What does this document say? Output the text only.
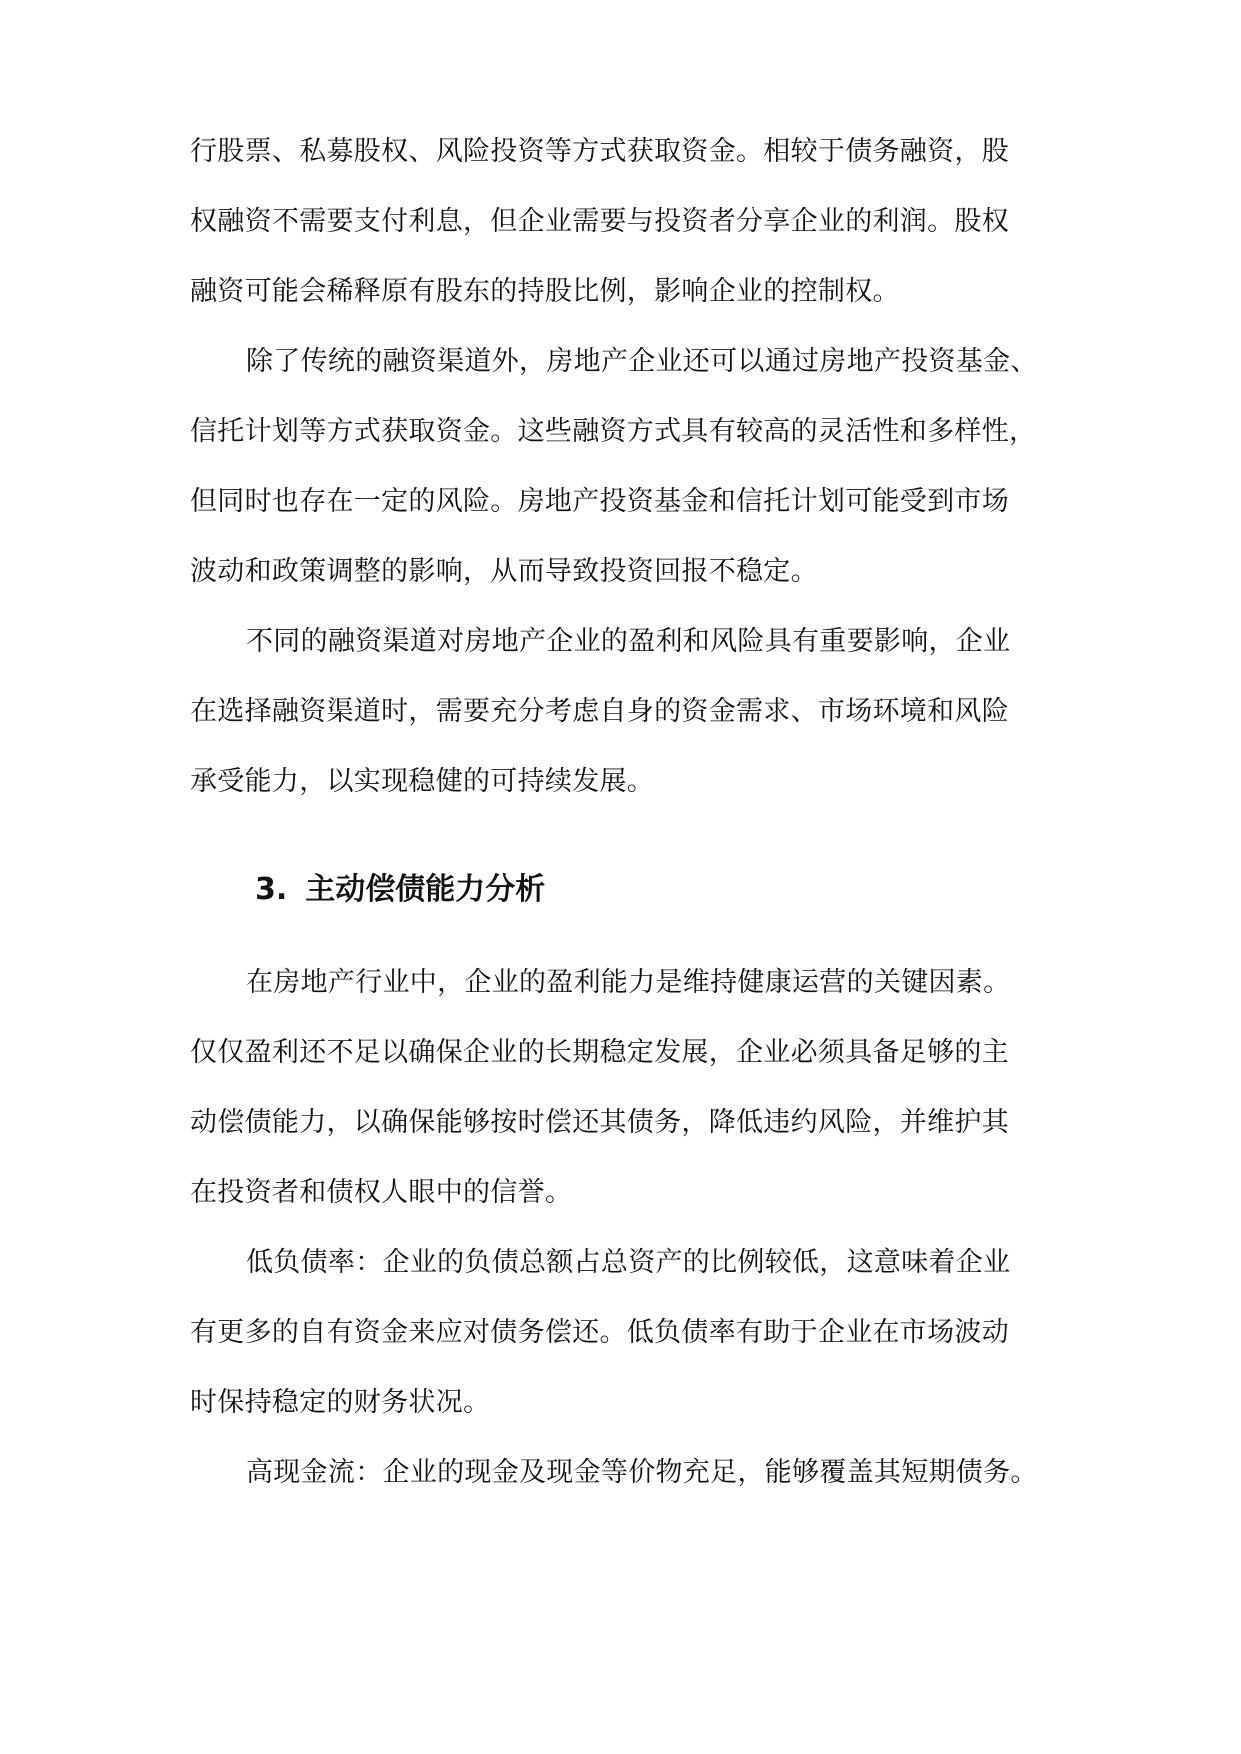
行股票、私募股权、风险投资等方式获取资金。相较于债务融资，股
权融资不需要支付利息，但企业需要与投资者分享企业的利润。股权
融资可能会稀释原有股东的持股比例，影响企业的控制权。
除了传统的融资渠道外，房地产企业还可以通过房地产投资基金、
信托计划等方式获取资金。这些融资方式具有较高的灵活性和多样性，
但同时也存在一定的风险。房地产投资基金和信托计划可能受到市场
波动和政策调整的影响，从而导致投资回报不稳定。
不同的融资渠道对房地产企业的盈利和风险具有重要影响，企业
在选择融资渠道时，需要充分考虑自身的资金需求、市场环境和风险
承受能力，以实现稳健的可持续发展。
3. 主动偿债能力分析
在房地产行业中，企业的盈利能力是维持健康运营的关键因素。
仅仅盈利还不足以确保企业的长期稳定发展，企业必须具备足够的主
动偿债能力，以确保能够按时偿还其债务，降低违约风险，并维护其
在投资者和债权人眼中的信誉。
低负债率：企业的负债总额占总资产的比例较低，这意味着企业
有更多的自有资金来应对债务偿还。低负债率有助于企业在市场波动
时保持稳定的财务状况。
高现金流：企业的现金及现金等价物充足，能够覆盖其短期债务。
